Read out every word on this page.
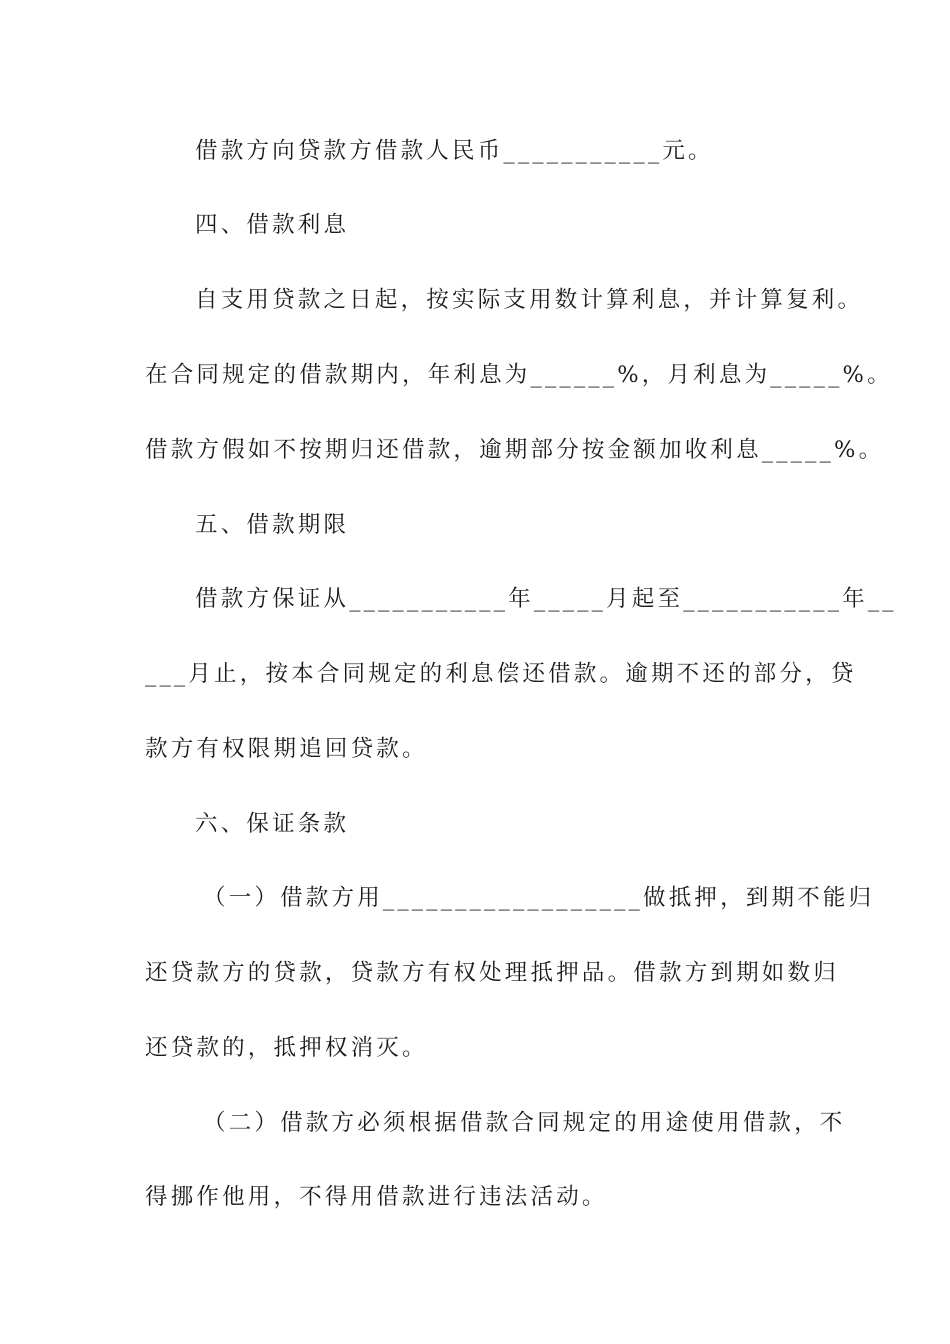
借款方向贷款方借款人民币___________元。
四、借款利息
自支用贷款之日起，按实际支用数计算利息，并计算复利。
在合同规定的借款期内，年利息为______%，月利息为_____%。
借款方假如不按期归还借款，逾期部分按金额加收利息_____%。
五、借款期限
借款方保证从___________年_____月起至___________年__
___月止，按本合同规定的利息偿还借款。逾期不还的部分，贷
款方有权限期追回贷款。
六、保证条款
（一）借款方用__________________做抵押，到期不能归
还贷款方的贷款，贷款方有权处理抵押品。借款方到期如数归
还贷款的，抵押权消灭。
（二）借款方必须根据借款合同规定的用途使用借款，不
得挪作他用，不得用借款进行违法活动。
